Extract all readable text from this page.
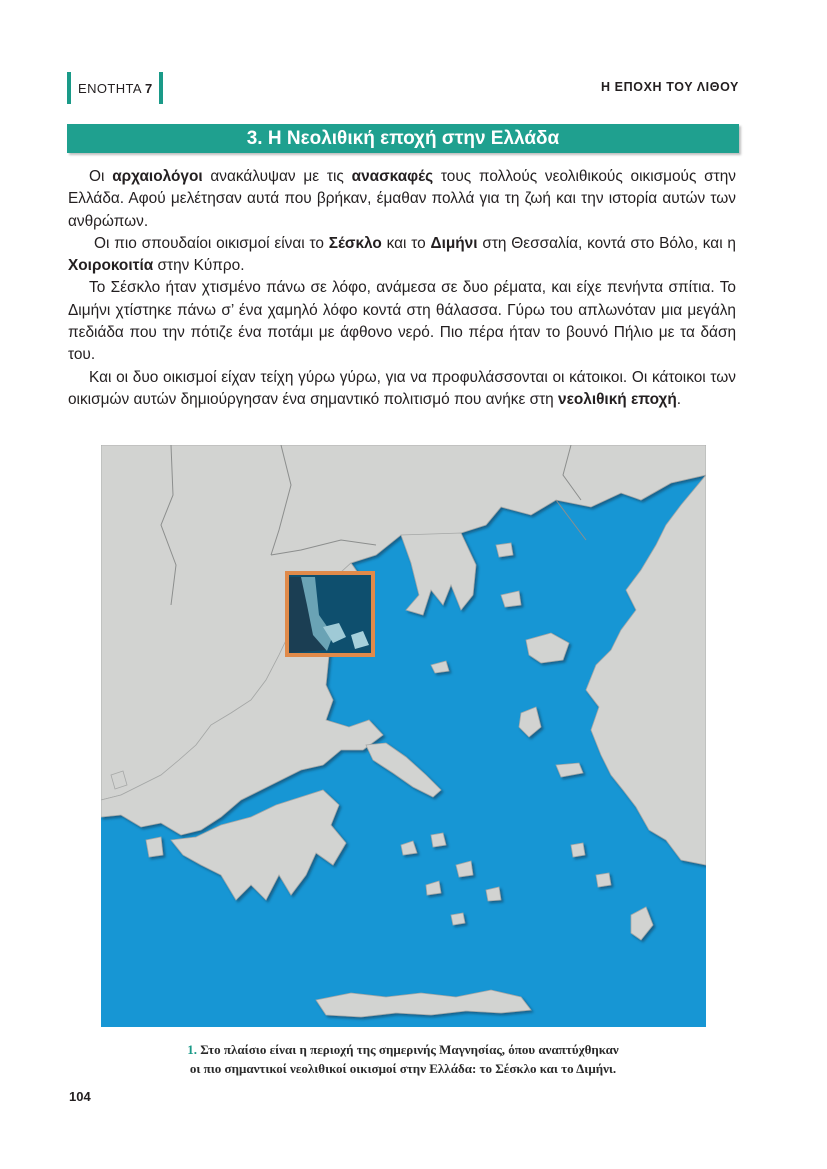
ΕΝΟΤΗΤΑ 7	Η ΕΠΟΧΗ ΤΟΥ ΛΙΘΟΥ
3. Η Νεολιθική εποχή στην Ελλάδα

Οι αρχαιολόγοι ανακάλυψαν με τις ανασκαφές τους πολλούς νεολιθικούς οικισμούς στην Ελλάδα. Αφού μελέτησαν αυτά που βρήκαν, έμαθαν πολλά για τη ζωή και την ιστορία αυτών των ανθρώπων.

Οι πιο σπουδαίοι οικισμοί είναι το Σέσκλο και το Διμήνι στη Θεσσαλία, κοντά στο Βόλο, και η Χοιροκοιτία στην Κύπρο.

Το Σέσκλο ήταν χτισμένο πάνω σε λόφο, ανάμεσα σε δυο ρέματα, και είχε πενήντα σπίτια. Το Διμήνι χτίστηκε πάνω σ’ ένα χαμηλό λόφο κοντά στη θάλασσα. Γύρω του απλωνόταν μια μεγάλη πεδιάδα που την πότιζε ένα ποτάμι με άφθονο νερό. Πιο πέρα ήταν το βουνό Πήλιο με τα δάση του.

Και οι δυο οικισμοί είχαν τείχη γύρω γύρω, για να προφυλάσσονται οι κάτοικοι. Οι κάτοικοι των οικισμών αυτών δημιούργησαν ένα σημαντικό πολιτισμό που ανήκε στη νεολιθική εποχή.

1. Στο πλαίσιο είναι η περιοχή της σημερινής Μαγνησίας, όπου αναπτύχθηκαν
οι πιο σημαντικοί νεολιθικοί οικισμοί στην Ελλάδα: το Σέσκλο και το Διμήνι.
104
